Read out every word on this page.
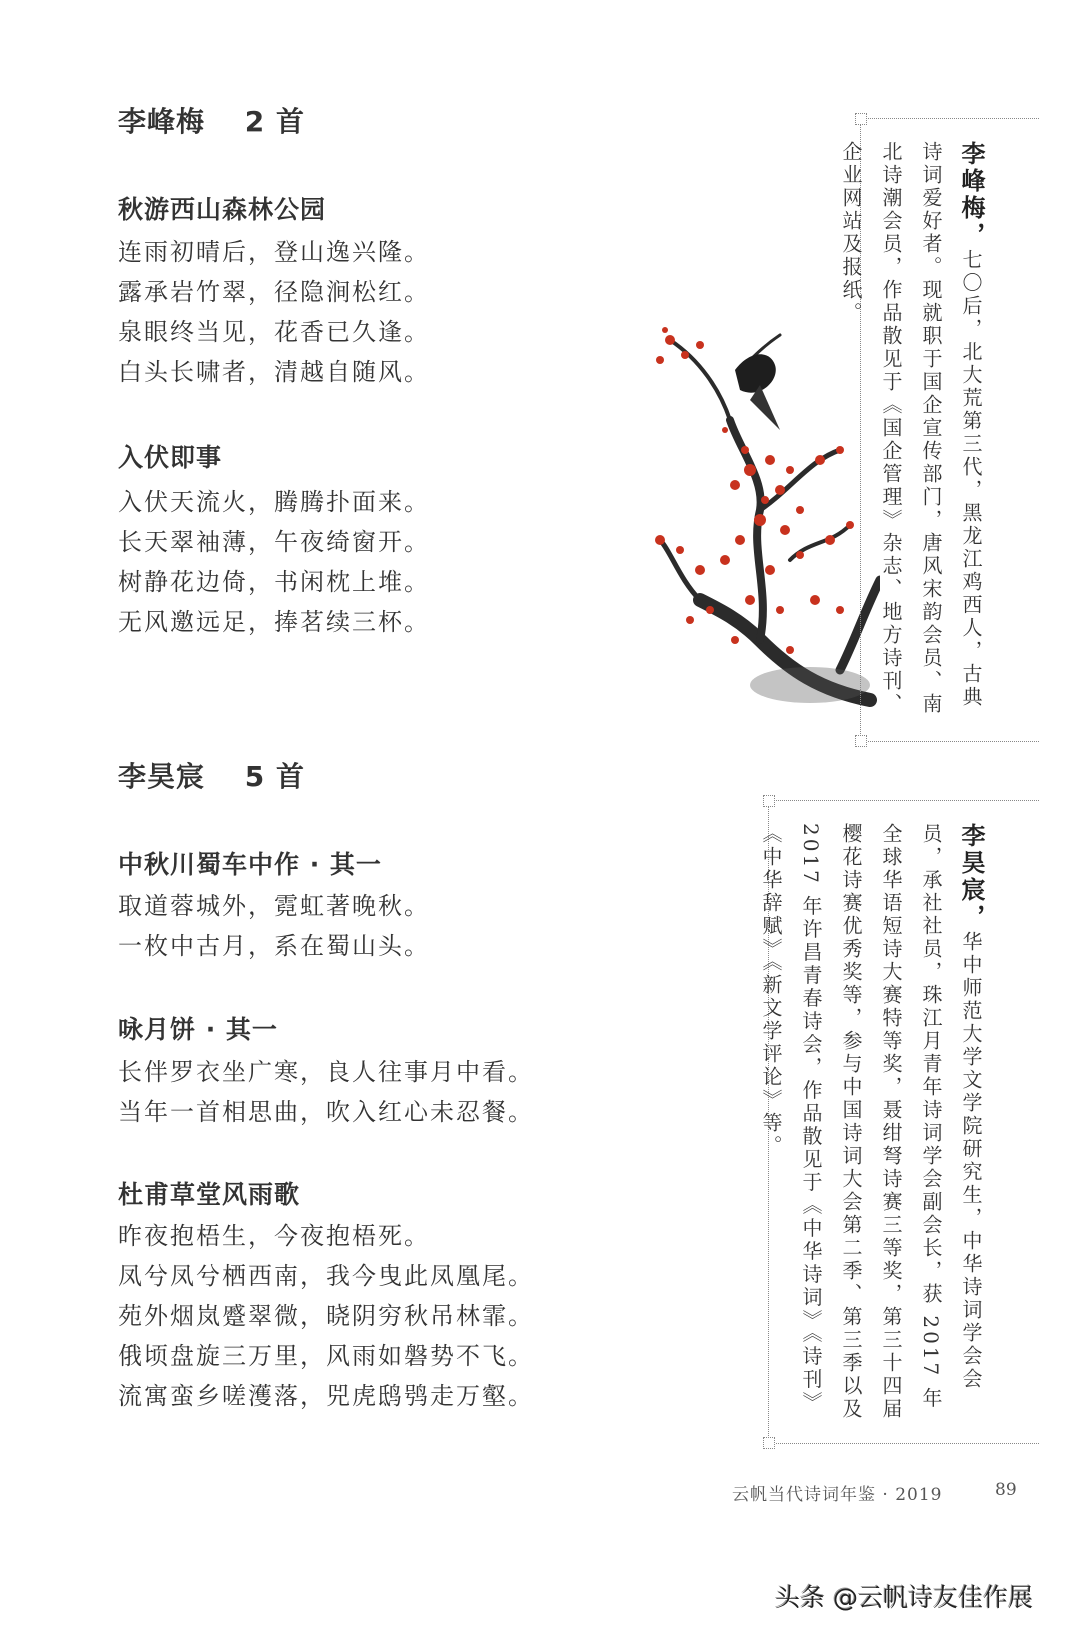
李峰梅　 2 首
秋游西山森林公园
连雨初晴后，登山逸兴隆。
露承岩竹翠，径隐涧松红。
泉眼终当见，花香已久逢。
白头长啸者，清越自随风。
入伏即事
入伏天流火，腾腾扑面来。
长天翠袖薄，午夜绮窗开。
树静花边倚，书闲枕上堆。
无风邀远足，捧茗续三杯。
李峰梅，七〇后，北大荒第三代，黑龙江鸡西人，古典诗词爱好者。现就职于国企宣传部门，唐风宋韵会员、南北诗潮会员，作品散见于《国企管理》杂志、地方诗刊、企业网站及报纸。
李昊宸　 5 首
中秋川蜀车中作 · 其一
取道蓉城外，霓虹著晚秋。
一枚中古月，系在蜀山头。
咏月饼 · 其一
长伴罗衣坐广寒，良人往事月中看。
当年一首相思曲，吹入红心未忍餐。
杜甫草堂风雨歌
昨夜抱梧生，今夜抱梧死。
凤兮凤兮栖西南，我今曳此凤凰尾。
苑外烟岚蹙翠微，晓阴穷秋吊林霏。
俄顷盘旋三万里，风雨如磐势不飞。
流寓蛮乡嗟濩落，兕虎鸱鸮走万壑。
李昊宸，华中师范大学文学院研究生，中华诗词学会会员，承社社员，珠江月青年诗词学会副会长，获 2017 年全球华语短诗大赛特等奖，聂绀弩诗赛三等奖，第三十四届樱花诗赛优秀奖等，参与中国诗词大会第二季、第三季以及 2017 年许昌青春诗会，作品散见于《中华诗词》《诗刊》《中华辞赋》《新文学评论》等。
云帆当代诗词年鉴 · 2019	89
头条 @云帆诗友佳作展
